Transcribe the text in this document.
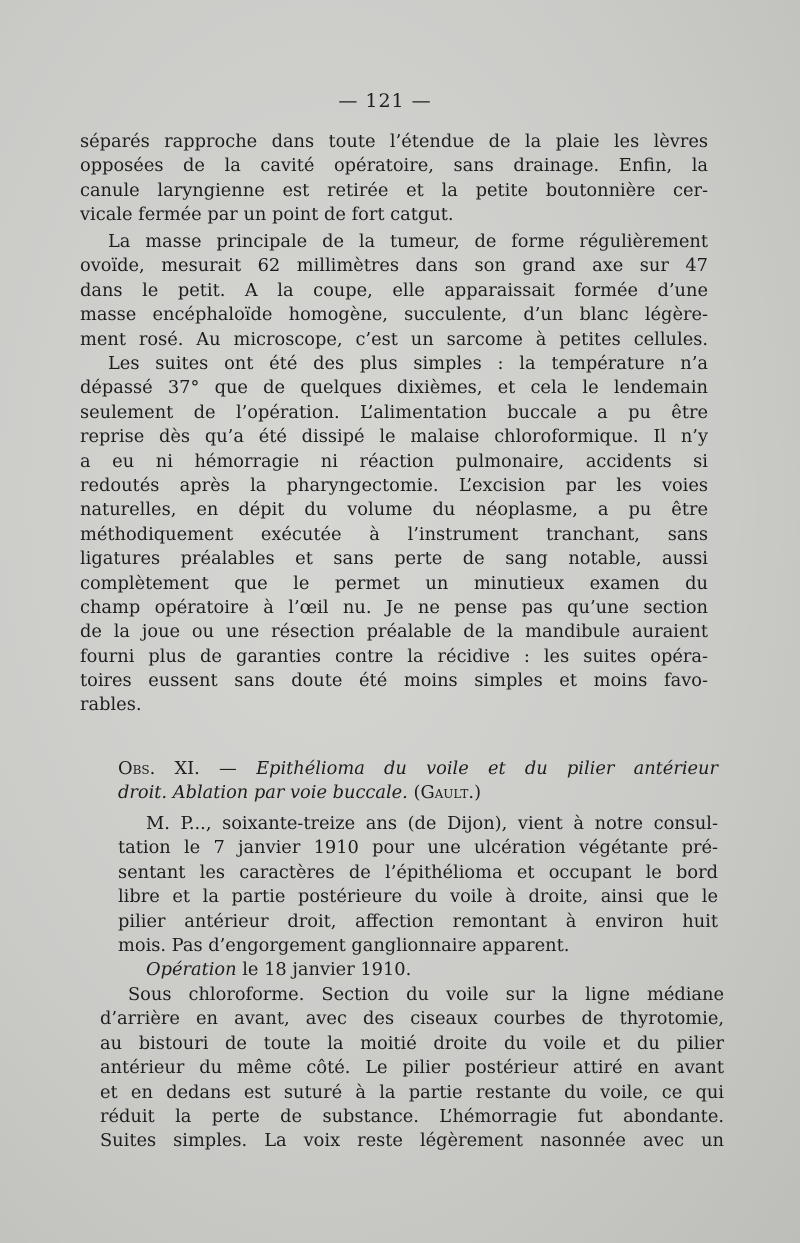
— 121 —
séparés rapproche dans toute l’étendue de la plaie les lèvres
opposées de la cavité opératoire, sans drainage. Enfin, la
canule laryngienne est retirée et la petite boutonnière cer-
vicale fermée par un point de fort catgut.
La masse principale de la tumeur, de forme régulièrement
ovoïde, mesurait 62 millimètres dans son grand axe sur 47
dans le petit. A la coupe, elle apparaissait formée d’une
masse encéphaloïde homogène, succulente, d’un blanc légère-
ment rosé. Au microscope, c’est un sarcome à petites cellules.
Les suites ont été des plus simples : la température n’a
dépassé 37° que de quelques dixièmes, et cela le lendemain
seulement de l’opération. L’alimentation buccale a pu être
reprise dès qu’a été dissipé le malaise chloroformique. Il n’y
a eu ni hémorragie ni réaction pulmonaire, accidents si
redoutés après la pharyngectomie. L’excision par les voies
naturelles, en dépit du volume du néoplasme, a pu être
méthodiquement exécutée à l’instrument tranchant, sans
ligatures préalables et sans perte de sang notable, aussi
complètement que le permet un minutieux examen du
champ opératoire à l’œil nu. Je ne pense pas qu’une section
de la joue ou une résection préalable de la mandibule auraient
fourni plus de garanties contre la récidive : les suites opéra-
toires eussent sans doute été moins simples et moins favo-
rables.
Obs. XI. — Epithélioma du voile et du pilier antérieur
droit. Ablation par voie buccale. (Gault.)
M. P..., soixante-treize ans (de Dijon), vient à notre consul-
tation le 7 janvier 1910 pour une ulcération végétante pré-
sentant les caractères de l’épithélioma et occupant le bord
libre et la partie postérieure du voile à droite, ainsi que le
pilier antérieur droit, affection remontant à environ huit
mois. Pas d’engorgement ganglionnaire apparent.
Opération le 18 janvier 1910.
Sous chloroforme. Section du voile sur la ligne médiane
d’arrière en avant, avec des ciseaux courbes de thyrotomie,
au bistouri de toute la moitié droite du voile et du pilier
antérieur du même côté. Le pilier postérieur attiré en avant
et en dedans est suturé à la partie restante du voile, ce qui
réduit la perte de substance. L’hémorragie fut abondante.
Suites simples. La voix reste légèrement nasonnée avec un
